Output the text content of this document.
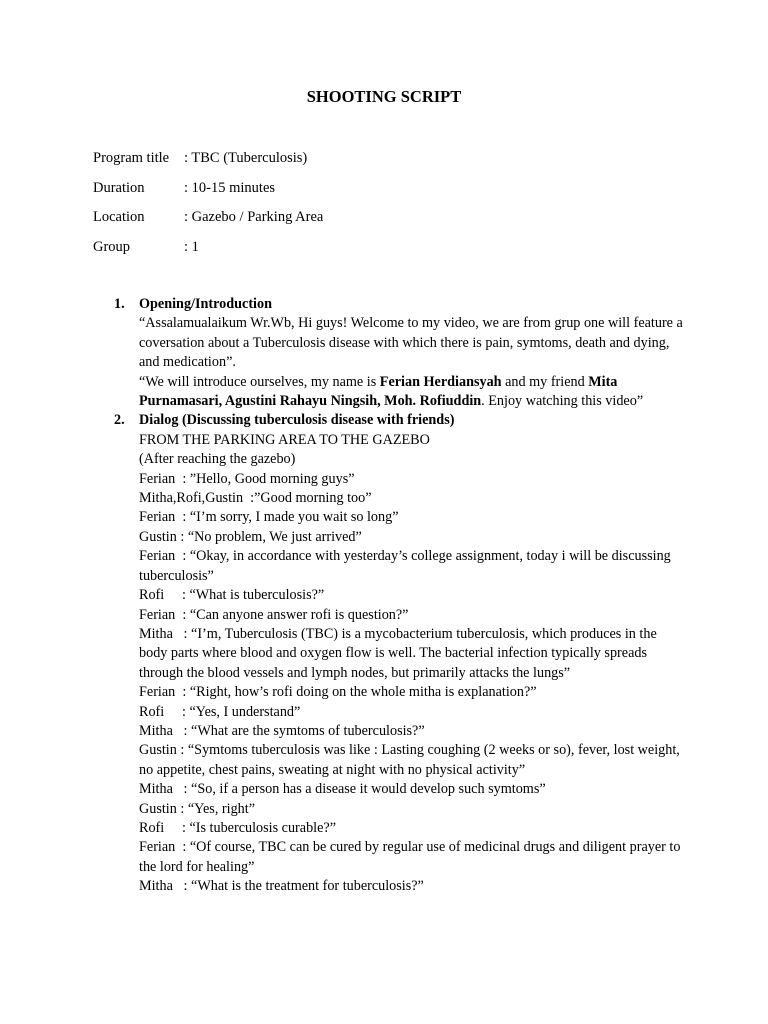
SHOOTING SCRIPT
Program title : TBC (Tuberculosis)
Duration	: 10-15 minutes
Location	: Gazebo / Parking Area
Group	: 1
1. Opening/Introduction
“Assalamualaikum Wr.Wb, Hi guys! Welcome to my video, we are from grup one will feature a coversation about a Tuberculosis disease with which there is pain, symtoms, death and dying, and medication”.
“We will introduce ourselves, my name is Ferian Herdiansyah and my friend Mita Purnamasari, Agustini Rahayu Ningsih, Moh. Rofiuddin. Enjoy watching this video”
2. Dialog (Discussing tuberculosis disease with friends)
FROM THE PARKING AREA TO THE GAZEBO
(After reaching the gazebo)
Ferian  : ”Hello, Good morning guys”
Mitha,Rofi,Gustin  :”Good morning too”
Ferian  : “I’m sorry, I made you wait so long”
Gustin : “No problem, We just arrived”
Ferian  : “Okay, in accordance with yesterday’s college assignment, today i will be discussing tuberculosis”
Rofi     : “What is tuberculosis?”
Ferian  : “Can anyone answer rofi is question?”
Mitha   : “I’m, Tuberculosis (TBC) is a mycobacterium tuberculosis, which produces in the body parts where blood and oxygen flow is well. The bacterial infection typically spreads through the blood vessels and lymph nodes, but primarily attacks the lungs”
Ferian  : “Right, how’s rofi doing on the whole mitha is explanation?”
Rofi     : “Yes, I understand”
Mitha   : “What are the symtoms of tuberculosis?”
Gustin : “Symtoms tuberculosis was like : Lasting coughing (2 weeks or so), fever, lost weight, no appetite, chest pains, sweating at night with no physical activity”
Mitha   : “So, if a person has a disease it would develop such symtoms”
Gustin : “Yes, right”
Rofi     : “Is tuberculosis curable?”
Ferian  : “Of course, TBC can be cured by regular use of medicinal drugs and diligent prayer to the lord for healing”
Mitha   : “What is the treatment for tuberculosis?”
